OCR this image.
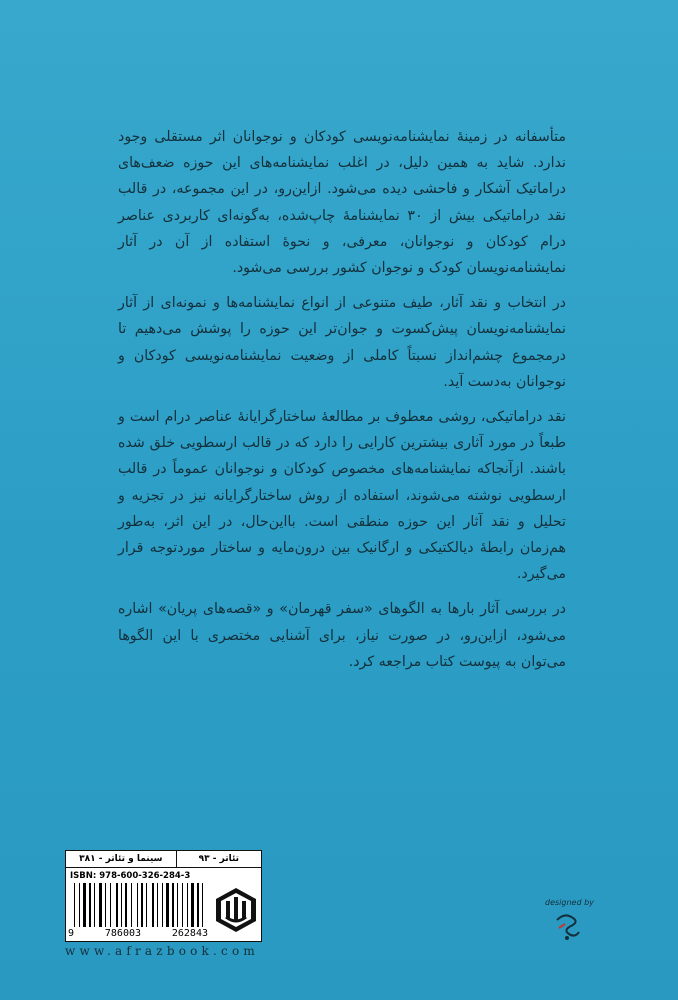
متأسفانه در زمینۀ نمایشنامه‌نویسی کودکان و نوجوانان اثر مستقلی وجود ندارد. شاید به همین دلیل، در اغلب نمایشنامه‌های این حوزه ضعف‌های دراماتیک آشکار و فاحشی دیده می‌شود. ازاین‌رو، در این مجموعه، در قالب نقد دراماتیکی بیش از ۳۰ نمایشنامۀ چاپ‌شده، به‌گونه‌ای کاربردی عناصر درام کودکان و نوجوانان، معرفی، و نحوۀ استفاده از آن در آثار نمایشنامه‌نویسان کودک و نوجوان کشور بررسی می‌شود.

در انتخاب و نقد آثار، طیف متنوعی از انواع نمایشنامه‌ها و نمونه‌ای از آثار نمایشنامه‌نویسان پیش‌کسوت و جوان‌تر این حوزه را پوشش می‌دهیم تا درمجموع چشم‌انداز نسبتاً کاملی از وضعیت نمایشنامه‌نویسی کودکان و نوجوانان به‌دست آید.

نقد دراماتیکی، روشی معطوف بر مطالعۀ ساختارگرایانۀ عناصر درام است و طبعاً در مورد آثاری بیشترین کارایی را دارد که در قالب ارسطویی خلق شده باشند. ازآنجاکه نمایشنامه‌های مخصوص کودکان و نوجوانان عموماً در قالب ارسطویی نوشته می‌شوند، استفاده از روش ساختارگرایانه نیز در تجزیه و تحلیل و نقد آثار این حوزه منطقی است. بااین‌حال، در این اثر، به‌طور هم‌زمان رابطۀ دیالکتیکی و ارگانیک بین درون‌مایه و ساختار موردتوجه قرار می‌گیرد.

در بررسی آثار بارها به الگوهای «سفر قهرمان» و «قصه‌های پریان» اشاره می‌شود، ازاین‌رو، در صورت نیاز، برای آشنایی مختصری با این الگوها می‌توان به پیوست کتاب مراجعه کرد.

سینما و تئاتر - ۳۸۱	تئاتر - ۹۳
ISBN: 978-600-326-284-3
9	786003	262843
www.afrazbook.com
designed by
